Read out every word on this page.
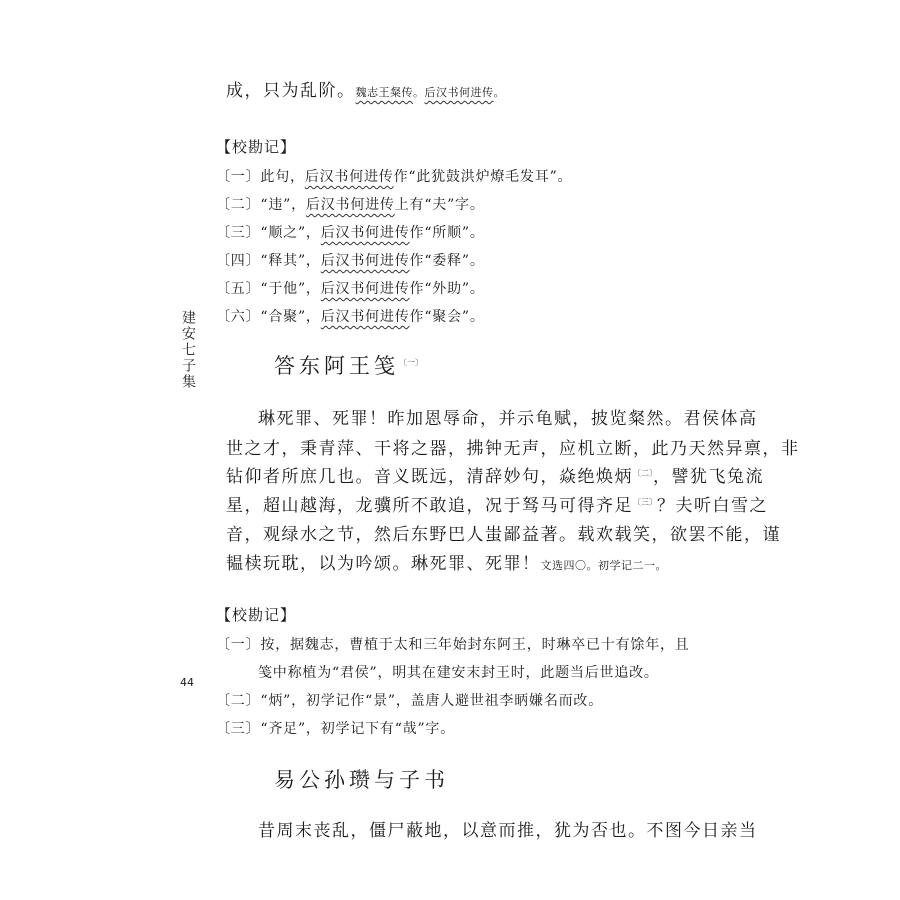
建安七子集
44
成，只为乱阶。魏志王粲传。后汉书何进传。
【校勘记】
〔一〕此句，后汉书何进传作“此犹鼓洪炉燎毛发耳”。
〔二〕“违”，后汉书何进传上有“夫”字。
〔三〕“顺之”，后汉书何进传作“所顺”。
〔四〕“释其”，后汉书何进传作“委释”。
〔五〕“于他”，后汉书何进传作“外助”。
〔六〕“合聚”，后汉书何进传作“聚会”。
答东阿王笺$^{〔一〕}$
琳死罪、死罪！昨加恩辱命，并示龟赋，披览粲然。君侯体高
世之才，秉青萍、干将之器，拂钟无声，应机立断，此乃天然异禀，非
钻仰者所庶几也。音义既远，清辞妙句，焱绝焕炳$^{〔二〕}$，譬犹飞兔流
星，超山越海，龙骥所不敢追，况于驽马可得齐足$^{〔三〕}$？夫听白雪之
音，观绿水之节，然后东野巴人蚩鄙益著。载欢载笑，欲罢不能，谨
韫椟玩耽，以为吟颂。琳死罪、死罪！文选四〇。初学记二一。
【校勘记】
〔一〕按，据魏志，曹植于太和三年始封东阿王，时琳卒已十有馀年，且
笺中称植为“君侯”，明其在建安末封王时，此题当后世追改。
〔二〕“炳”，初学记作“景”，盖唐人避世祖李昞嫌名而改。
〔三〕“齐足”，初学记下有“哉”字。
易公孙瓒与子书
昔周末丧乱，僵尸蔽地，以意而推，犹为否也。不图今日亲当
